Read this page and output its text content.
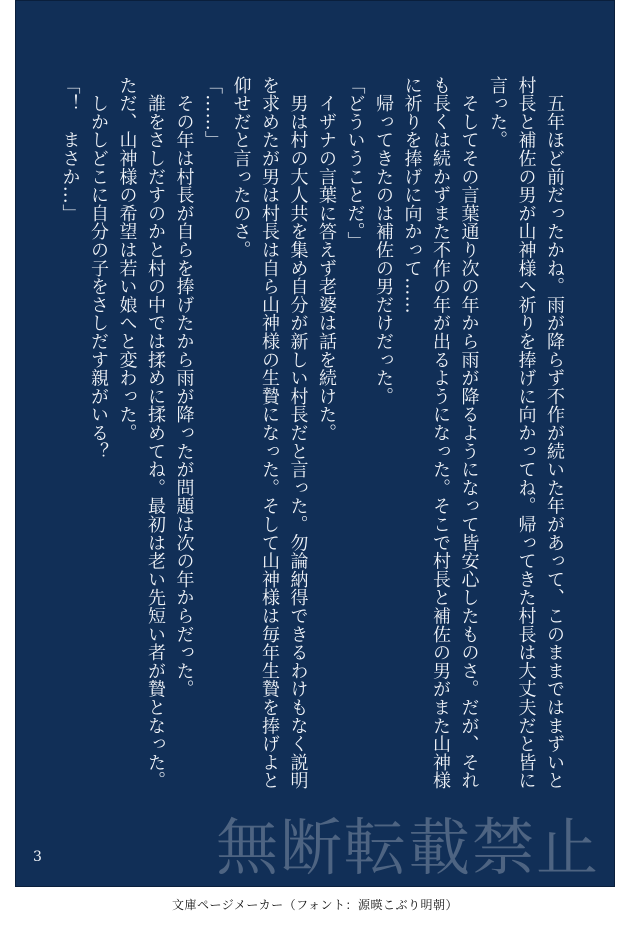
　五年ほど前だったかね。雨が降らず不作が続いた年があって、このままではまずいと
村長と補佐の男が山神様へ祈りを捧げに向かってね。帰ってきた村長は大丈夫だと皆に
言った。
　そしてその言葉通り次の年から雨が降るようになって皆安心したものさ。だが、それ
も長くは続かずまた不作の年が出るようになった。そこで村長と補佐の男がまた山神様
に祈りを捧げに向かって……
　帰ってきたのは補佐の男だけだった。
「どういうことだ。」
　イザナの言葉に答えず老婆は話を続けた。
　男は村の大人共を集め自分が新しい村長だと言った。勿論納得できるわけもなく説明
を求めたが男は村長は自ら山神様の生贄になった。そして山神様は毎年生贄を捧げよと
仰せだと言ったのさ。
「……」
　その年は村長が自らを捧げたから雨が降ったが問題は次の年からだった。
　誰をさしだすのかと村の中では揉めに揉めてね。最初は老い先短い者が贄となった。
ただ、山神様の希望は若い娘へと変わった。
　しかしどこに自分の子をさしだす親がいる？
「！　まさか…」
3	無断転載禁止
文庫ページメーカー（フォント：源暎こぶり明朝）
